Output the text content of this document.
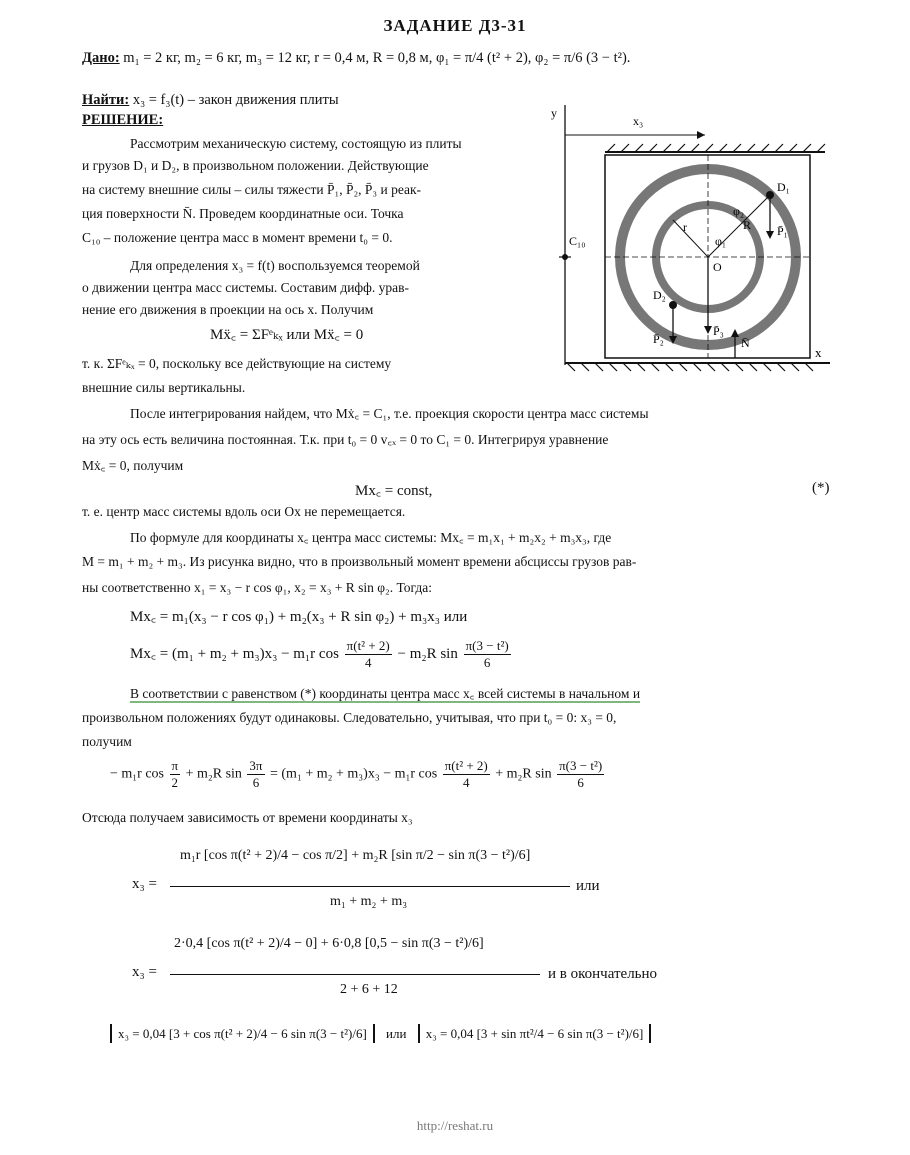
ЗАДАНИЕ Д3-31
Дано: m₁ = 2 кг, m₂ = 6 кг, m₃ = 12 кг, r = 0,4 м, R = 0,8 м, φ₁ = π/4 (t² + 2), φ₂ = π/6 (3 − t²).
Найти: x₃ = f₃(t) – закон движения плиты
РЕШЕНИЕ:
Рассмотрим механическую систему, состоящую из плиты
и грузов D₁ и D₂, в произвольном положении. Действующие
на систему внешние силы – силы тяжести P̄₁, P̄₂, P̄₃ и реак-
ция поверхности N̄. Проведем координатные оси. Точка
C₁₀ – положение центра масс в момент времени t₀ = 0.
Для определения x₃ = f(t) воспользуемся теоремой
о движении центра масс системы. Составим дифф. урав-
нение его движения в проекции на ось x. Получим
Mẍ꜀ = ΣFᵉₖₓ или Mẍ꜀ = 0
т. к. ΣFᵉₖₓ = 0, поскольку все действующие на систему
внешние силы вертикальны.
y
x₃
C₁₀
x
D₁
D₂
φ₁
φ₂
r	R P̄₁
P̄₂
P̄₃
N̄
O
После интегрирования найдем, что Mẋ꜀ = C₁, т.е. проекция скорости центра масс системы
на эту ось есть величина постоянная. Т.к. при t₀ = 0 v꜀ₓ = 0 то C₁ = 0. Интегрируя уравнение
Mẋ꜀ = 0, получим
Mx꜀ = const,	(*)
т. е. центр масс системы вдоль оси Ox не перемещается.
По формуле для координаты x꜀ центра масс системы: Mx꜀ = m₁x₁ + m₂x₂ + m₃x₃, где
M = m₁ + m₂ + m₃. Из рисунка видно, что в произвольный момент времени абсциссы грузов рав-
ны соответственно x₁ = x₃ − r cos φ₁, x₂ = x₃ + R sin φ₂. Тогда:
Mx꜀ = m₁(x₃ − r cos φ₁) + m₂(x₃ + R sin φ₂) + m₃x₃ или
Mx꜀ = (m₁ + m₂ + m₃)x₃ − m₁r $\cos \frac{\text{π(t² + 2)}}{4} - m_2R$ $\sin \frac{\text{π(3 − t²)}}{6}$
В соответствии с равенством (*) координаты центра масс x꜀ всей системы в начальном и
произвольном положениях будут одинаковы. Следовательно, учитывая, что при t₀ = 0: x₃ = 0,
получим
− m₁r $\cos \frac{\pi}{2} + m_2R$ $\sin \frac{3\pi}{6} = (m_1 + m_2 + m_3)x_3 - m_1r$ $\cos \frac{\text{π(t² + 2)}}{4} + m_2R$ $\sin \frac{\text{π(3 − t²)}}{6}$
Отсюда получаем зависимость от времени координаты x₃
x₃ =
m₁r [cos π(t² + 2)/4 − cos π/2] + m₂R [sin π/2 − sin π(3 − t²)/6]
m₁ + m₂ + m₃
или
x₃ =
2·0,4 [cos π(t² + 2)/4 − 0] + 6·0,8 [0,5 − sin π(3 − t²)/6]
2 + 6 + 12
и в окончательно
x₃ = 0,04 [3 + cos π(t² + 2)/4 − 6 sin π(3 − t²)/6] или x₃ = 0,04 [3 + sin πt²/4 − 6 sin π(3 − t²)/6]
http://reshat.ru
